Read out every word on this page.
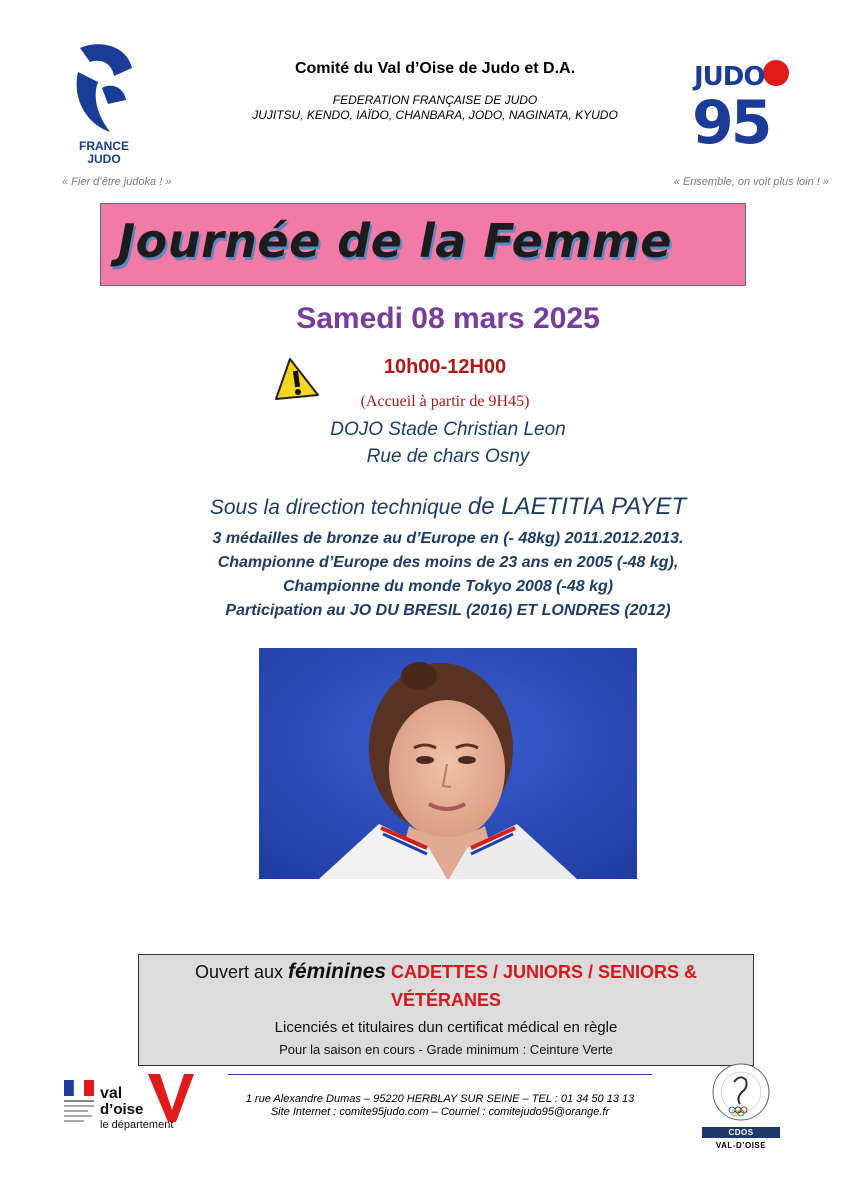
FRANCE
JUDO
JUDO
95
Comité du Val d’Oise de Judo et D.A.
FEDERATION FRANÇAISE DE JUDO
JUJITSU, KENDO, IAÏDO, CHANBARA, JODO, NAGINATA, KYUDO
« Fier d’être judoka ! »	« Ensemble, on voit plus loin ! »
Journée de la Femme
Samedi 08 mars 2025
10h00-12H00
(Accueil à partir de 9H45)
DOJO Stade Christian Leon
Rue de chars Osny
Sous la direction technique de LAETITIA PAYET
3 médailles de bronze au d’Europe en (- 48kg) 2011.2012.2013.
Championne d’Europe des moins de 23 ans en 2005 (-48 kg),
Championne du monde Tokyo 2008 (-48 kg)
Participation au JO DU BRESIL (2016) ET LONDRES (2012)
Ouvert aux féminines CADETTES / JUNIORS / SENIORS &
VÉTÉRANES
Licenciés et titulaires dun certificat médical en règle
Pour la saison en cours - Grade minimum : Ceinture Verte
1 rue Alexandre Dumas – 95220 HERBLAY SUR SEINE – TEL : 01 34 50 13 13
Site Internet : comite95judo.com – Courriel : comitejudo95@orange.fr
val
d’oise
le département
CDOS
VAL-D’OISE
